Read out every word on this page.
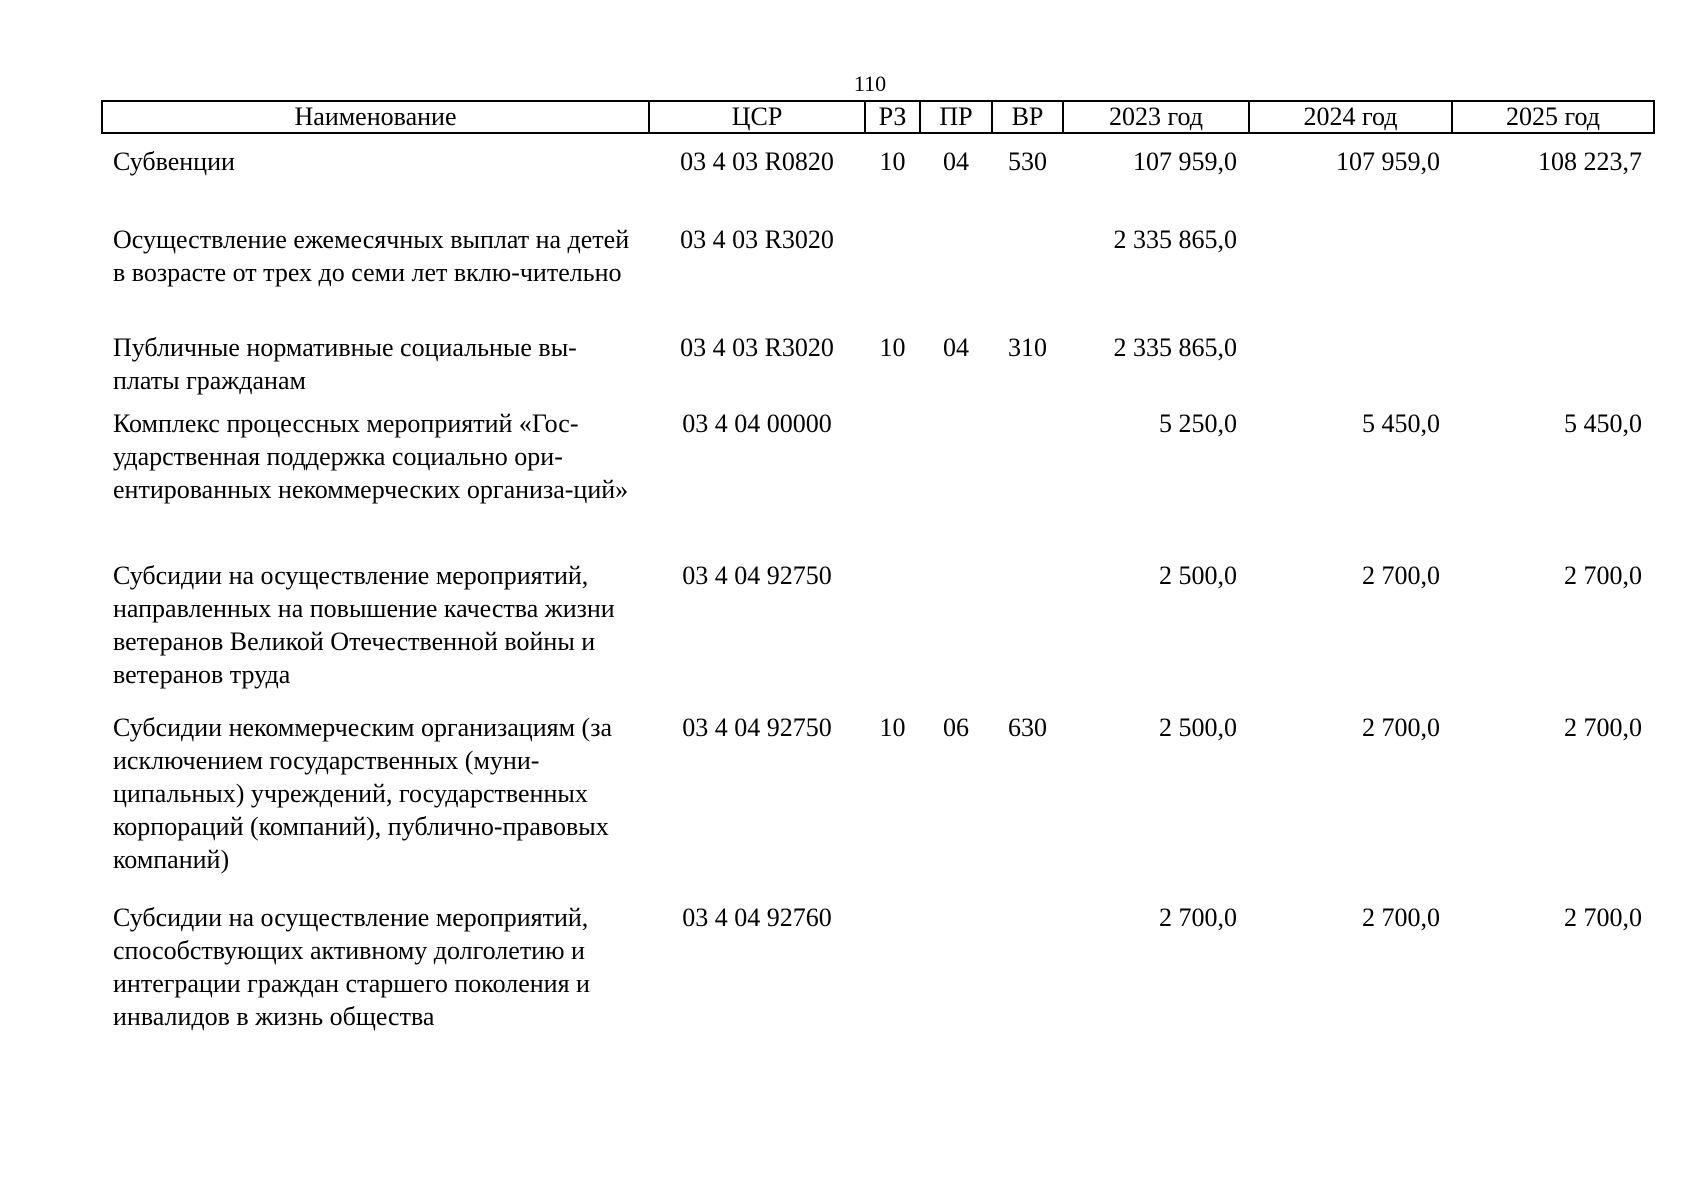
110
Наименование	ЦСР	РЗ	ПР	ВР	2023 год	2024 год	2025 год

Субвенции	03 4 03 R0820	10	04	530	107 959,0	107 959,0	108 223,7

Осуществление ежемесячных выплат на детей в возрасте от трех до семи лет вклю-чительно	03 4 03 R3020				2 335 865,0		
Публичные нормативные социальные вы-платы гражданам	03 4 03 R3020	10	04	310	2 335 865,0		
Комплекс процессных мероприятий «Гос-ударственная поддержка социально ори-ентированных некоммерческих организа-ций»	03 4 04 00000				5 250,0	5 450,0	5 450,0
Субсидии на осуществление мероприятий, направленных на повышение качества жизни ветеранов Великой Отечественной войны и ветеранов труда	03 4 04 92750				2 500,0	2 700,0	2 700,0
Субсидии некоммерческим организациям (за исключением государственных (муни-ципальных) учреждений, государственных корпораций (компаний), публично-правовых компаний)	03 4 04 92750	10	06	630	2 500,0	2 700,0	2 700,0
Субсидии на осуществление мероприятий, способствующих активному долголетию и интеграции граждан старшего поколения и инвалидов в жизнь общества	03 4 04 92760				2 700,0	2 700,0	2 700,0
